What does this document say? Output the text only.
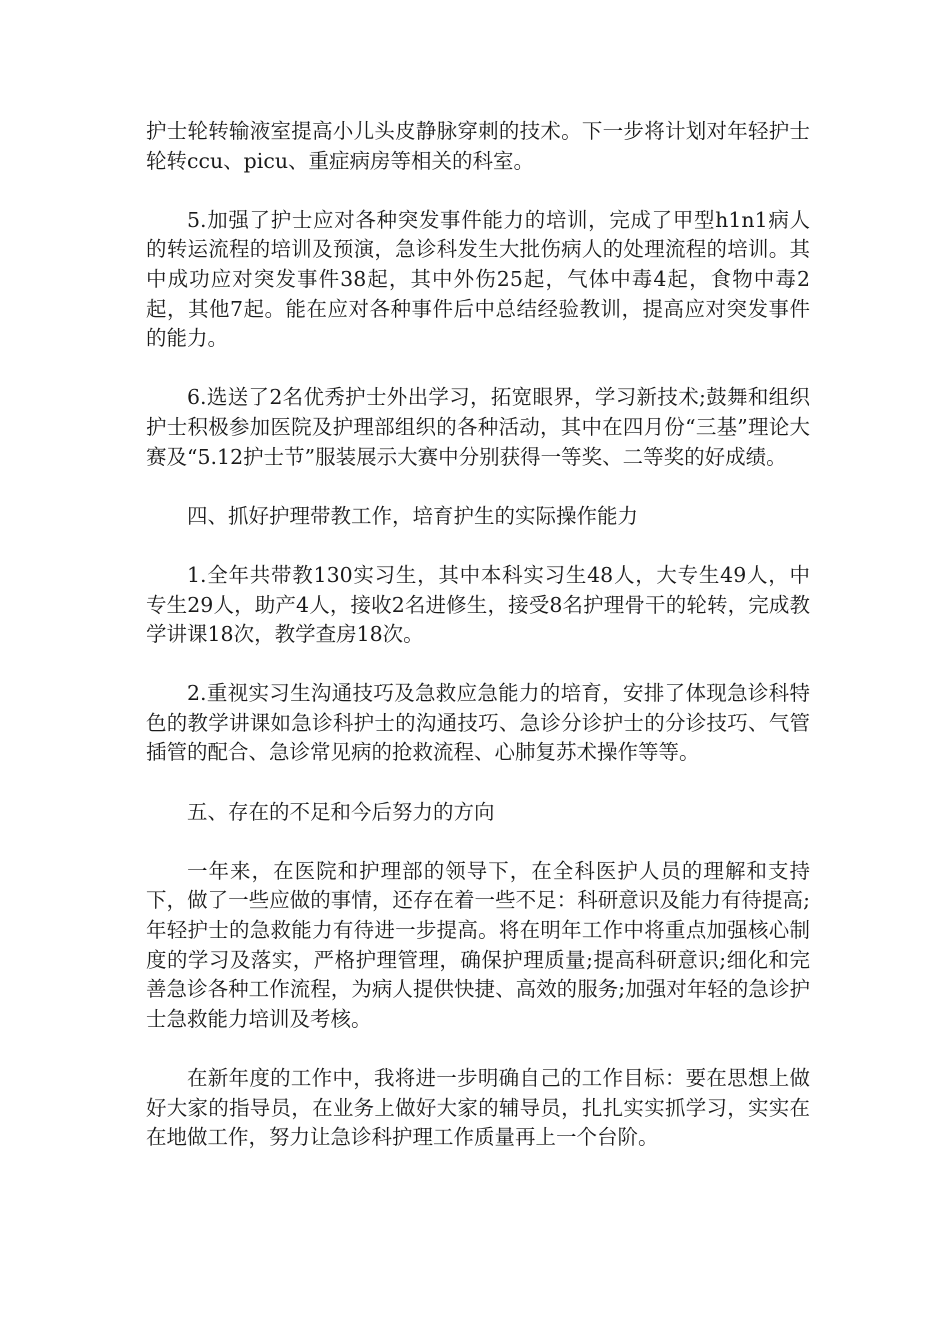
护士轮转输液室提高小儿头皮静脉穿刺的技术。下一步将计划对年轻护士轮转ccu、picu、重症病房等相关的科室。

5.加强了护士应对各种突发事件能力的培训，完成了甲型h1n1病人的转运流程的培训及预演，急诊科发生大批伤病人的处理流程的培训。其中成功应对突发事件38起，其中外伤25起，气体中毒4起，食物中毒2起，其他7起。能在应对各种事件后中总结经验教训，提高应对突发事件的能力。

6.选送了2名优秀护士外出学习，拓宽眼界，学习新技术;鼓舞和组织护士积极参加医院及护理部组织的各种活动，其中在四月份“三基”理论大赛及“5.12护士节”服装展示大赛中分别获得一等奖、二等奖的好成绩。

四、抓好护理带教工作，培育护生的实际操作能力

1.全年共带教130实习生，其中本科实习生48人，大专生49人，中专生29人，助产4人，接收2名进修生，接受8名护理骨干的轮转，完成教学讲课18次，教学查房18次。

2.重视实习生沟通技巧及急救应急能力的培育，安排了体现急诊科特色的教学讲课如急诊科护士的沟通技巧、急诊分诊护士的分诊技巧、气管插管的配合、急诊常见病的抢救流程、心肺复苏术操作等等。

五、存在的不足和今后努力的方向

一年来，在医院和护理部的领导下，在全科医护人员的理解和支持下，做了一些应做的事情，还存在着一些不足：科研意识及能力有待提高;年轻护士的急救能力有待进一步提高。将在明年工作中将重点加强核心制度的学习及落实，严格护理管理，确保护理质量;提高科研意识;细化和完善急诊各种工作流程，为病人提供快捷、高效的服务;加强对年轻的急诊护士急救能力培训及考核。

在新年度的工作中，我将进一步明确自己的工作目标：要在思想上做好大家的指导员，在业务上做好大家的辅导员，扎扎实实抓学习，实实在在地做工作，努力让急诊科护理工作质量再上一个台阶。
